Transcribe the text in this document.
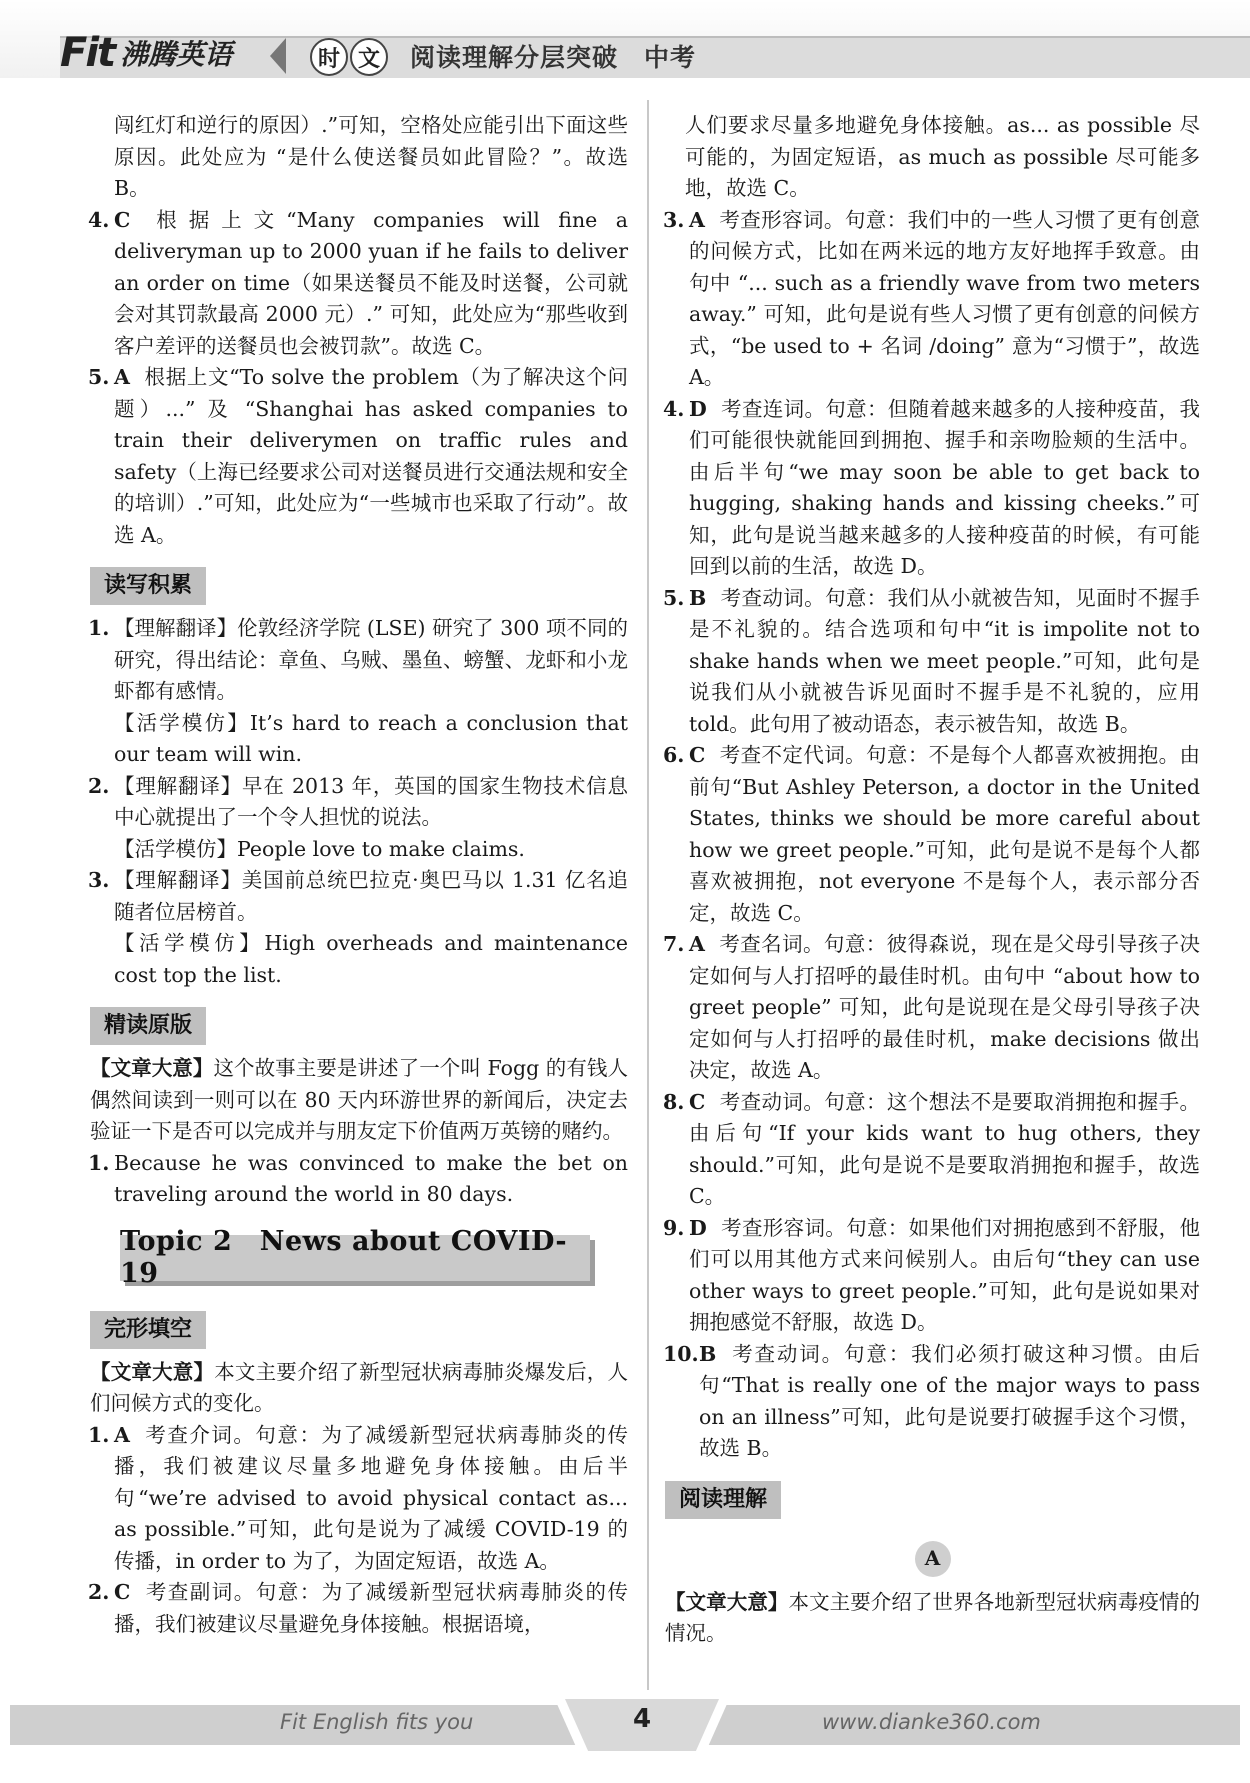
Fit 沸腾英语	时 文	阅读理解分层突破 中考

闯红灯和逆行的原因）.”可知，空格处应能引出下面这些原因。此处应为 “是什么使送餐员如此冒险？”。故选 B。

4. C 根据上文“Many companies will fine a deliveryman up to 2000 yuan if he fails to deliver an order on time（如果送餐员不能及时送餐，公司就会对其罚款最高 2000 元）.” 可知，此处应为“那些收到客户差评的送餐员也会被罚款”。故选 C。

5. A 根据上文“To solve the problem（为了解决这个问题）...” 及 “Shanghai has asked companies to train their deliverymen on traffic rules and safety（上海已经要求公司对送餐员进行交通法规和安全的培训）.”可知，此处应为“一些城市也采取了行动”。故选 A。

读写积累

1. 【理解翻译】伦敦经济学院 (LSE) 研究了 300 项不同的研究，得出结论：章鱼、乌贼、墨鱼、螃蟹、龙虾和小龙虾都有感情。

【活学模仿】It’s hard to reach a conclusion that our team will win.

2. 【理解翻译】早在 2013 年，英国的国家生物技术信息中心就提出了一个令人担忧的说法。

【活学模仿】People love to make claims.

3. 【理解翻译】美国前总统巴拉克·奥巴马以 1.31 亿名追随者位居榜首。

【活学模仿】High overheads and maintenance cost top the list.

精读原版

【文章大意】这个故事主要是讲述了一个叫 Fogg 的有钱人偶然间读到一则可以在 80 天内环游世界的新闻后，决定去验证一下是否可以完成并与朋友定下价值两万英镑的赌约。

1. Because he was convinced to make the bet on traveling around the world in 80 days.

Topic 2　News about COVID-19
完形填空

【文章大意】本文主要介绍了新型冠状病毒肺炎爆发后，人们问候方式的变化。

1. A 考查介词。句意：为了减缓新型冠状病毒肺炎的传播，我们被建议尽量多地避免身体接触。由后半句“we’re advised to avoid physical contact as... as possible.”可知，此句是说为了减缓 COVID-19 的传播，in order to 为了，为固定短语，故选 A。

2. C 考查副词。句意：为了减缓新型冠状病毒肺炎的传播，我们被建议尽量避免身体接触。根据语境，

人们要求尽量多地避免身体接触。as... as possible 尽可能的，为固定短语，as much as possible 尽可能多地，故选 C。

3. A 考查形容词。句意：我们中的一些人习惯了更有创意的问候方式，比如在两米远的地方友好地挥手致意。由句中 “... such as a friendly wave from two meters away.” 可知，此句是说有些人习惯了更有创意的问候方式，“be used to + 名词 /doing” 意为“习惯于”，故选 A。

4. D 考查连词。句意：但随着越来越多的人接种疫苗，我们可能很快就能回到拥抱、握手和亲吻脸颊的生活中。由后半句“we may soon be able to get back to hugging, shaking hands and kissing cheeks.”可知，此句是说当越来越多的人接种疫苗的时候，有可能回到以前的生活，故选 D。

5. B 考查动词。句意：我们从小就被告知，见面时不握手是不礼貌的。结合选项和句中“it is impolite not to shake hands when we meet people.”可知，此句是说我们从小就被告诉见面时不握手是不礼貌的，应用 told。此句用了被动语态，表示被告知，故选 B。

6. C 考查不定代词。句意：不是每个人都喜欢被拥抱。由前句“But Ashley Peterson, a doctor in the United States, thinks we should be more careful about how we greet people.”可知，此句是说不是每个人都喜欢被拥抱，not everyone 不是每个人，表示部分否定，故选 C。

7. A 考查名词。句意：彼得森说，现在是父母引导孩子决定如何与人打招呼的最佳时机。由句中 “about how to greet people” 可知，此句是说现在是父母引导孩子决定如何与人打招呼的最佳时机，make decisions 做出决定，故选 A。

8. C 考查动词。句意：这个想法不是要取消拥抱和握手。由后句“If your kids want to hug others, they should.”可知，此句是说不是要取消拥抱和握手，故选 C。

9. D 考查形容词。句意：如果他们对拥抱感到不舒服，他们可以用其他方式来问候别人。由后句“they can use other ways to greet people.”可知，此句是说如果对拥抱感觉不舒服，故选 D。

10. B 考查动词。句意：我们必须打破这种习惯。由后句“That is really one of the major ways to pass on an illness”可知，此句是说要打破握手这个习惯，故选 B。

阅读理解
A

【文章大意】本文主要介绍了世界各地新型冠状病毒疫情的情况。

Fit English fits you	4	www.dianke360.com
